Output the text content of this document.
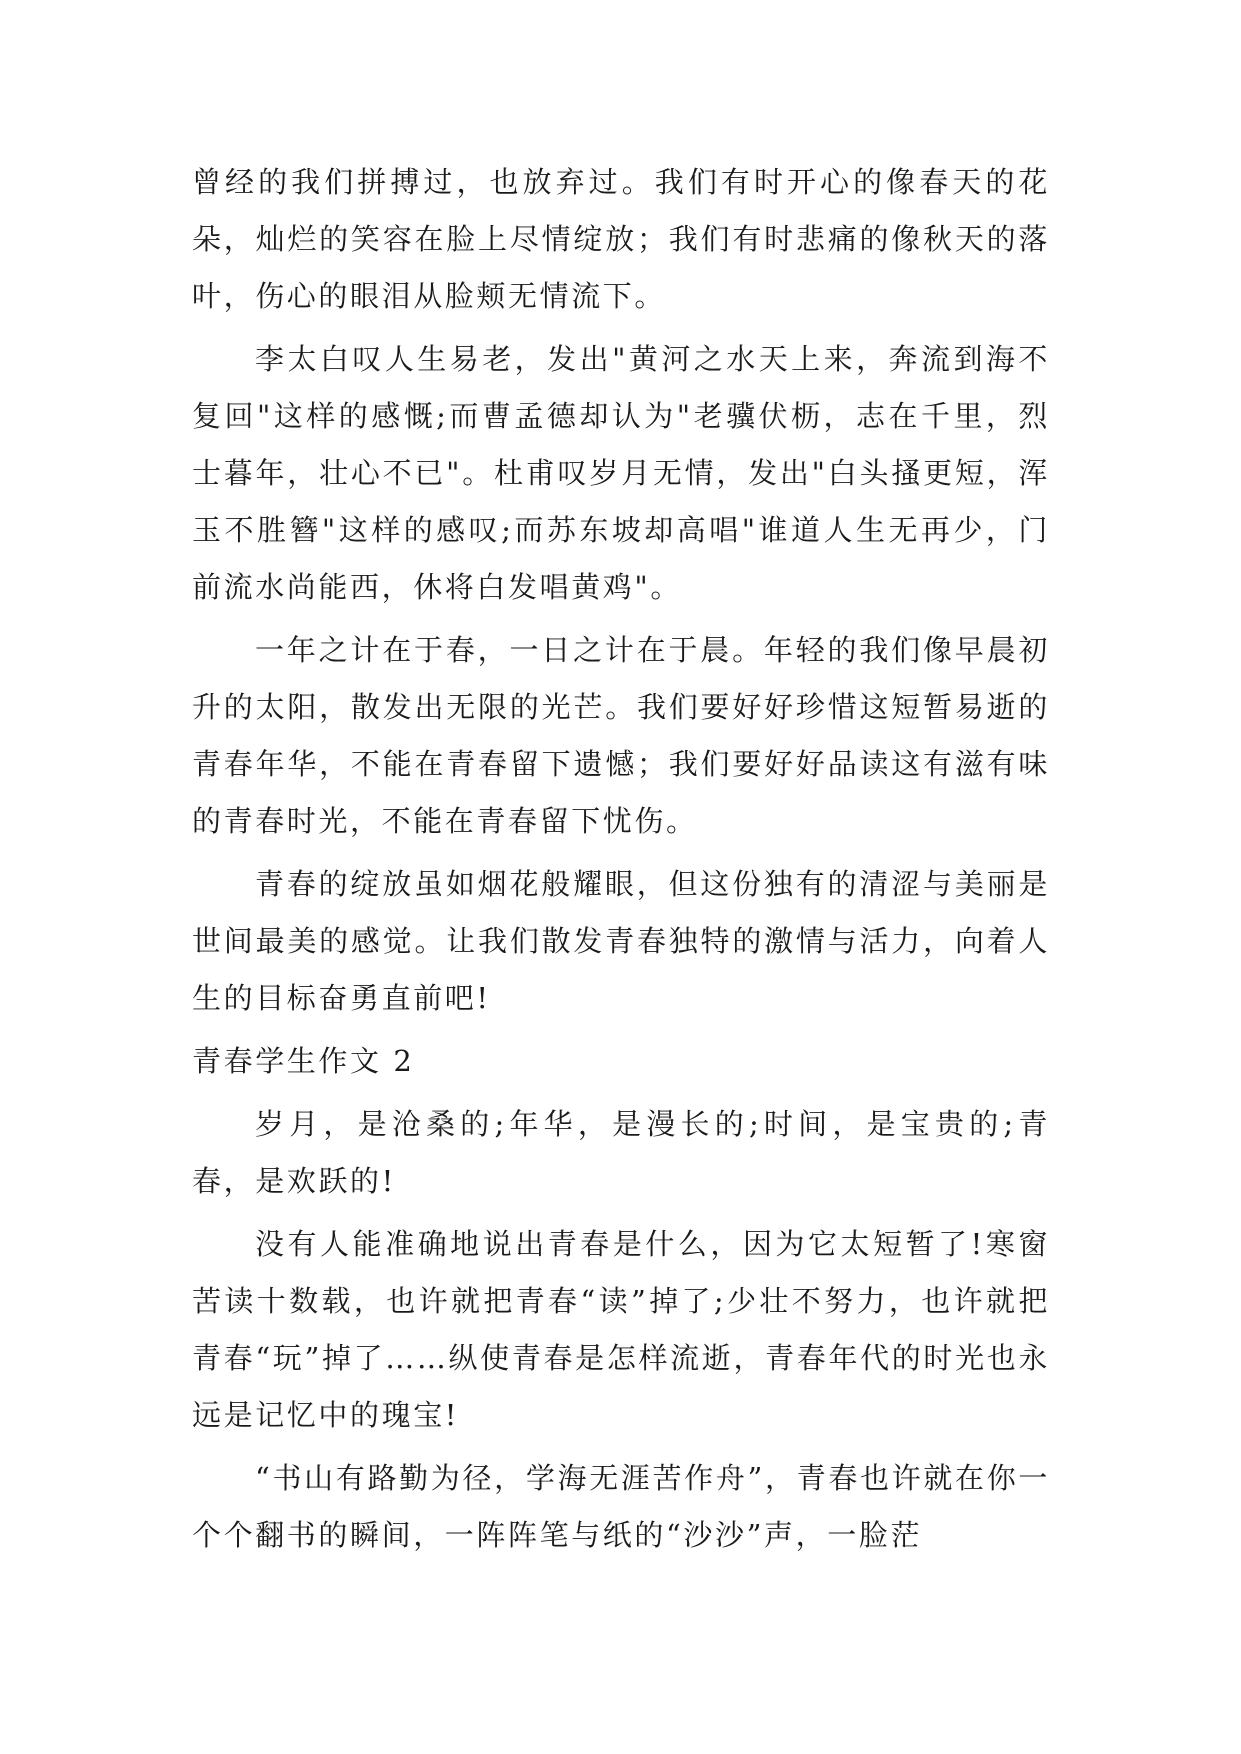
曾经的我们拼搏过，也放弃过。我们有时开心的像春天的花朵，灿烂的笑容在脸上尽情绽放；我们有时悲痛的像秋天的落叶，伤心的眼泪从脸颊无情流下。

李太白叹人生易老，发出"黄河之水天上来，奔流到海不复回"这样的感慨;而曹孟德却认为"老骥伏枥，志在千里，烈士暮年，壮心不已"。杜甫叹岁月无情，发出"白头搔更短，浑玉不胜簪"这样的感叹;而苏东坡却高唱"谁道人生无再少，门前流水尚能西，休将白发唱黄鸡"。

一年之计在于春，一日之计在于晨。年轻的我们像早晨初升的太阳，散发出无限的光芒。我们要好好珍惜这短暂易逝的青春年华，不能在青春留下遗憾；我们要好好品读这有滋有味的青春时光，不能在青春留下忧伤。

青春的绽放虽如烟花般耀眼，但这份独有的清涩与美丽是世间最美的感觉。让我们散发青春独特的激情与活力，向着人生的目标奋勇直前吧!

青春学生作文 2

岁月，是沧桑的;年华，是漫长的;时间，是宝贵的;青春，是欢跃的!

没有人能准确地说出青春是什么，因为它太短暂了!寒窗苦读十数载，也许就把青春“读”掉了;少壮不努力，也许就把青春“玩”掉了……纵使青春是怎样流逝，青春年代的时光也永远是记忆中的瑰宝!

“书山有路勤为径，学海无涯苦作舟”，青春也许就在你一个个翻书的瞬间，一阵阵笔与纸的“沙沙”声，一脸茫
